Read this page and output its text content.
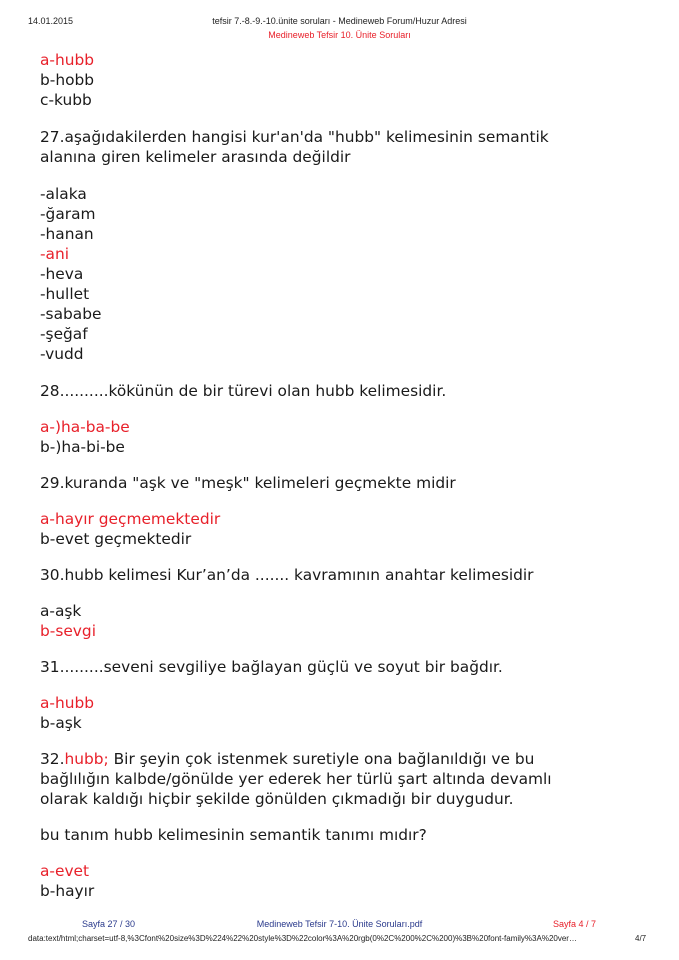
14.01.2015	tefsir 7.-8.-9.-10.ünite soruları - Medineweb Forum/Huzur Adresi
Medineweb Tefsir 10. Ünite Soruları
a-hubb
b-hobb
c-kubb
27.aşağıdakilerden hangisi kur'an'da "hubb" kelimesinin semantik
alanına giren kelimeler arasında değildir
-alaka
-ğaram
-hanan
-ani
-heva
-hullet
-sababe
-şeğaf
-vudd
28..........kökünün de bir türevi olan hubb kelimesidir.
a-)ha-ba-be
b-)ha-bi-be
29.kuranda "aşk ve "meşk" kelimeleri geçmekte midir
a-hayır geçmemektedir
b-evet geçmektedir
30.hubb kelimesi Kur’an’da ....... kavramının anahtar kelimesidir
a-aşk
b-sevgi
31.........seveni sevgiliye bağlayan güçlü ve soyut bir bağdır.
a-hubb
b-aşk
32.hubb; Bir şeyin çok istenmek suretiyle ona bağlanıldığı ve bu
bağlılığın kalbde/gönülde yer ederek her türlü şart altında devamlı
olarak kaldığı hiçbir şekilde gönülden çıkmadığı bir duygudur.
bu tanım hubb kelimesinin semantik tanımı mıdır?
a-evet
b-hayır
Sayfa 27 / 30	Medineweb Tefsir 7-10. Ünite Soruları.pdf	Sayfa 4 / 7
data:text/html;charset=utf-8,%3Cfont%20size%3D%224%22%20style%3D%22color%3A%20rgb(0%2C%200%2C%200)%3B%20font-family%3A%20ver…	4/7
